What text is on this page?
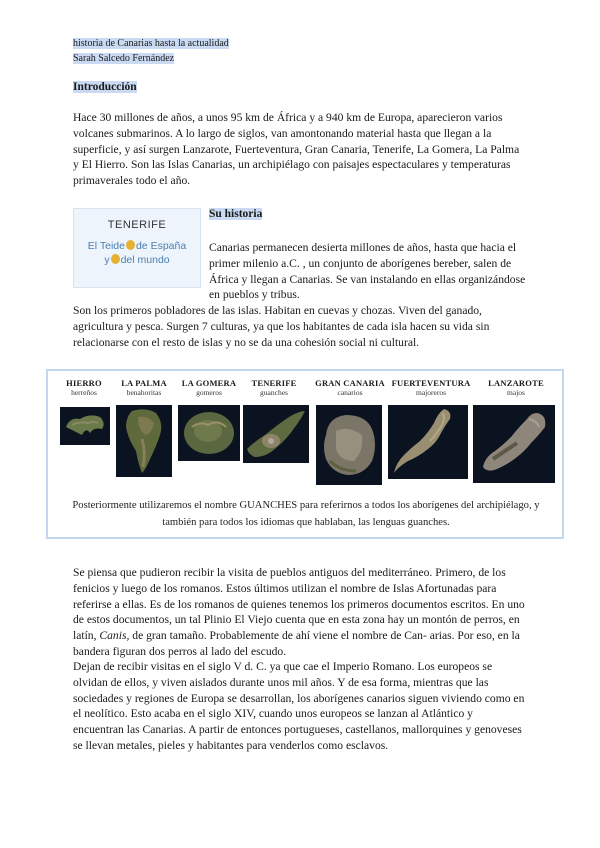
historia de Canarias hasta la actualidad
Sarah Salcedo Fernández
Introducción

Hace 30 millones de años, a unos 95 km de África y a 940 km de Europa, aparecieron varios volcanes submarinos. A lo largo de siglos, van amontonando material hasta que llegan a la superficie, y así surgen Lanzarote, Fuerteventura, Gran Canaria, Tenerife, La Gomera, La Palma y El Hierro. Son las Islas Canarias, un archipiélago con paisajes espectaculares y temperaturas primaverales todo el año.

TENERIFE
El Teide de España
y del mundo
Su historia

Canarias permanecen desierta millones de años, hasta que hacia el primer milenio a.C. , un conjunto de aborígenes bereber, salen de África y llegan a Canarias. Se van instalando en ellas organizándose en pueblos y tribus.

Son los primeros pobladores de las islas. Habitan en cuevas y chozas. Viven del ganado, agricultura y pesca. Surgen 7 culturas, ya que los habitantes de cada isla hacen su vida sin relacionarse con el resto de islas y no se da una cohesión social ni cultural.

HIERRO
herreños
LA PALMA
benahoritas
LA GOMERA
gomeros
TENERIFE
guanches
GRAN CANARIA
canarios
FUERTEVENTURA
majoreros
LANZAROTE
majos
Posteriormente utilizaremos el nombre GUANCHES para referirnos a todos los aborígenes del archipiélago, y también para todos los idiomas que hablaban, las lenguas guanches.

Se piensa que pudieron recibir la visita de pueblos antiguos del mediterráneo. Primero, de los fenicios y luego de los romanos. Estos últimos utilizan el nombre de Islas Afortunadas para referirse a ellas. Es de los romanos de quienes tenemos los primeros documentos escritos. En uno de estos documentos, un tal Plinio El Viejo cuenta que en esta zona hay un montón de perros, en latín, Canis, de gran tamaño. Probablemente de ahí viene el nombre de Can- arias. Por eso, en la bandera figuran dos perros al lado del escudo.

Dejan de recibir visitas en el siglo V d. C. ya que cae el Imperio Romano. Los europeos se olvidan de ellos, y viven aislados durante unos mil años. Y de esa forma, mientras que las sociedades y regiones de Europa se desarrollan, los aborígenes canarios siguen viviendo como en el neolítico. Esto acaba en el siglo XIV, cuando unos europeos se lanzan al Atlántico y encuentran las Canarias. A partir de entonces portugueses, castellanos, mallorquines y genoveses se llevan metales, pieles y habitantes para venderlos como esclavos.
